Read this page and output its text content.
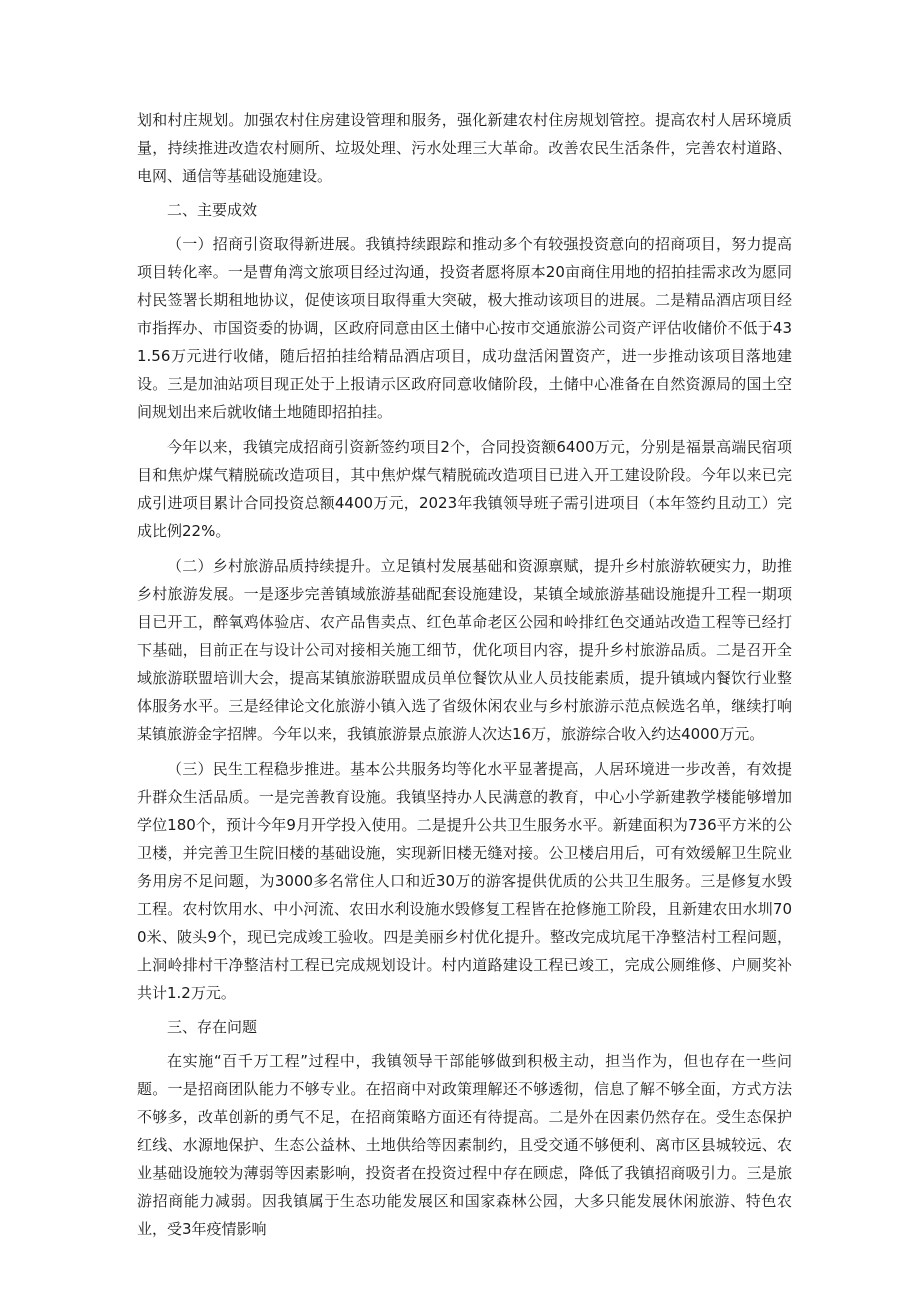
划和村庄规划。加强农村住房建设管理和服务，强化新建农村住房规划管控。提高农村人居环境质量，持续推进改造农村厕所、垃圾处理、污水处理三大革命。改善农民生活条件，完善农村道路、电网、通信等基础设施建设。

二、主要成效

（一）招商引资取得新进展。我镇持续跟踪和推动多个有较强投资意向的招商项目，努力提高项目转化率。一是曹角湾文旅项目经过沟通，投资者愿将原本20亩商住用地的招拍挂需求改为愿同村民签署长期租地协议，促使该项目取得重大突破，极大推动该项目的进展。二是精品酒店项目经市指挥办、市国资委的协调，区政府同意由区土储中心按市交通旅游公司资产评估收储价不低于431.56万元进行收储，随后招拍挂给精品酒店项目，成功盘活闲置资产，进一步推动该项目落地建设。三是加油站项目现正处于上报请示区政府同意收储阶段，土储中心准备在自然资源局的国土空间规划出来后就收储土地随即招拍挂。

今年以来，我镇完成招商引资新签约项目2个，合同投资额6400万元，分别是福景高端民宿项目和焦炉煤气精脱硫改造项目，其中焦炉煤气精脱硫改造项目已进入开工建设阶段。今年以来已完成引进项目累计合同投资总额4400万元，2023年我镇领导班子需引进项目（本年签约且动工）完成比例22%。

（二）乡村旅游品质持续提升。立足镇村发展基础和资源禀赋，提升乡村旅游软硬实力，助推乡村旅游发展。一是逐步完善镇域旅游基础配套设施建设，某镇全域旅游基础设施提升工程一期项目已开工，醉氧鸡体验店、农产品售卖点、红色革命老区公园和岭排红色交通站改造工程等已经打下基础，目前正在与设计公司对接相关施工细节，优化项目内容，提升乡村旅游品质。二是召开全域旅游联盟培训大会，提高某镇旅游联盟成员单位餐饮从业人员技能素质，提升镇域内餐饮行业整体服务水平。三是经律论文化旅游小镇入选了省级休闲农业与乡村旅游示范点候选名单，继续打响某镇旅游金字招牌。今年以来，我镇旅游景点旅游人次达16万，旅游综合收入约达4000万元。

（三）民生工程稳步推进。基本公共服务均等化水平显著提高，人居环境进一步改善，有效提升群众生活品质。一是完善教育设施。我镇坚持办人民满意的教育，中心小学新建教学楼能够增加学位180个，预计今年9月开学投入使用。二是提升公共卫生服务水平。新建面积为736平方米的公卫楼，并完善卫生院旧楼的基础设施，实现新旧楼无缝对接。公卫楼启用后，可有效缓解卫生院业务用房不足问题，为3000多名常住人口和近30万的游客提供优质的公共卫生服务。三是修复水毁工程。农村饮用水、中小河流、农田水利设施水毁修复工程皆在抢修施工阶段，且新建农田水圳700米、陂头9个，现已完成竣工验收。四是美丽乡村优化提升。整改完成坑尾干净整洁村工程问题，上洞岭排村干净整洁村工程已完成规划设计。村内道路建设工程已竣工，完成公厕维修、户厕奖补共计1.2万元。

三、存在问题

在实施“百千万工程”过程中，我镇领导干部能够做到积极主动，担当作为，但也存在一些问题。一是招商团队能力不够专业。在招商中对政策理解还不够透彻，信息了解不够全面，方式方法不够多，改革创新的勇气不足，在招商策略方面还有待提高。二是外在因素仍然存在。受生态保护红线、水源地保护、生态公益林、土地供给等因素制约，且受交通不够便利、离市区县城较远、农业基础设施较为薄弱等因素影响，投资者在投资过程中存在顾虑，降低了我镇招商吸引力。三是旅游招商能力减弱。因我镇属于生态功能发展区和国家森林公园，大多只能发展休闲旅游、特色农业，受3年疫情影响
